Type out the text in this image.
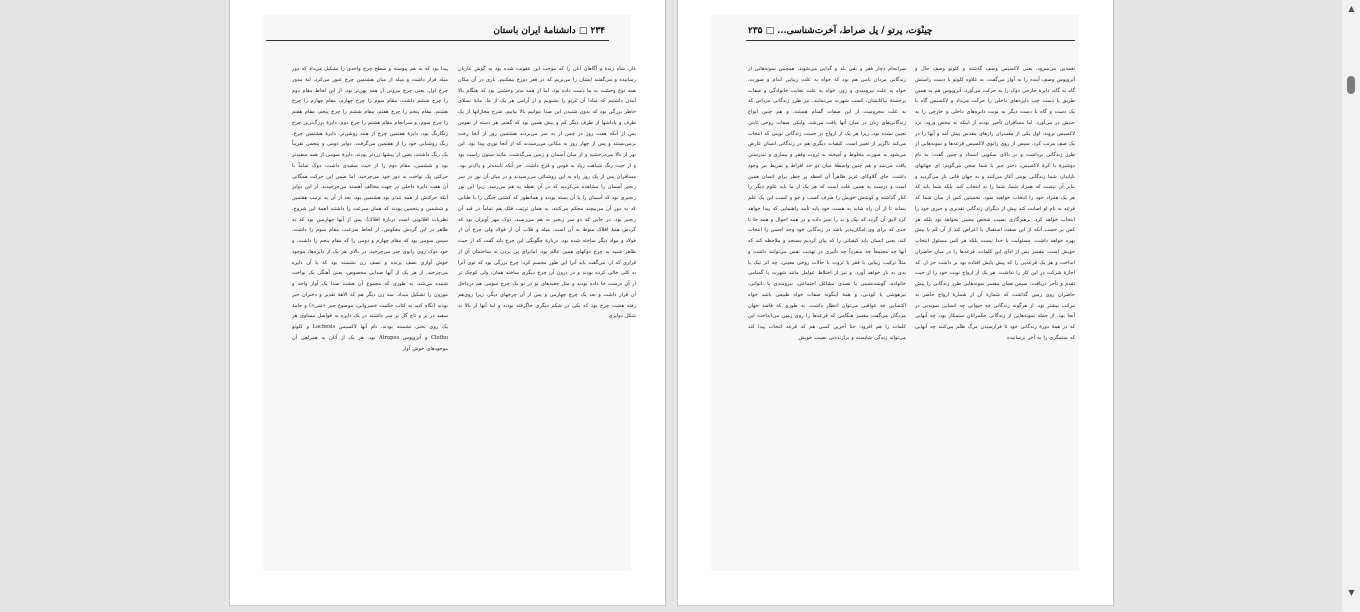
۲۳۴ □ دانشنامهٔ ایران باستان
غار، شاه زندهٔ و آگاهان آنان را که موجب این عقوبت شده بود به گوش عاریان رسانیده و می‌گفتند ایشان را می‌بریم که در قعر دوزخ بیفکنیم. باری در آن مکان همه نوع وحشت به ما دست داده بود، اما از همه بدتر وحشتی بود که هنگام بالا آمدن داشتیم که مبادا آن غریو را بشنویم و از آرامی هر یک از ما، مایهٔ تسلای خاطر بزرگی بود که بدون شنیدن این صدا بتوانیم بالا بیاییم. شرح مجازاتها از یک طرف و پاداشها از طرف دیگر کم و بیش همین بود که گفتم. هر دسته از نفوس پس از آنکه هفت روز در چمن از به سر می‌بردند هشتمین روز از آنجا رخت برمی‌بستند و پس از چهار روز به مکانی می‌رسیدند که از آنجا نوری پیدا بود. این نور از بالا می‌درخشید و از میان آسمان و زمین می‌گذشت. مانند ستون راست بود و از حیث رنگ شباهت زیاد به قوس و قزح داشت. جز آنکه تابنده‌تر و پاک‌تر بود. مسافران پس از یک روز راه به این روشنائی می‌رسیدند و در میان آن نور در سر زنجیر آسمان را مشاهده می‌کردند که در آن نقطه به هم می‌رسد. زیرا این نور زنجیری بود که آسمان را با آن بسته بودند و همانطور که کشتی جنگی را با طنابی که به دور آن می‌پیچند محکم می‌کنند، به همان ترتیب فلک هم تماماً در قید آن زنجیر بود. در جایی که دو سر زنجیر به هم می‌رسید، دوک مهر آویزان بود که گردش همهٔ افلاک منوط به آن است. میله و قلاب آن از فولاد ولی چرخ آن از فولاد و مواد دیگر ساخته شده بود. دربارهٔ چگونگی این چرخ باید گفت که از حیث ظاهر شبیه به چرخ دوکهای همین عالم بود. امابرای پی بردن به ساختمان آن از قراری که ار. می‌گفت باید آنرا این طور مجسم کرد: چرخ بزرگی بود که توی آنرا به کلی خالی کرده بودند و در درون آن چرخ دیگری ساخته همان، ولی کوچک تر از آن درست جا داده بودند و مثل جعبه‌های تو در تو یک چرخ سومی هم درداخل آن قرار داشت و بعد یک چرخ چهارمی و پس از آن چرخهای دیگر، زیرا روی‌هم رفته هشت چرخ بود که یکی در شکم دیگری جاگرفته بودند و لبهٔ آنها از بالا به شکل دوایری
پیدا بود که به هم پیوسته و سطح چرخ واحدی را تشکیل می‌داد که دور میله قرار داشت و میله از میان هشتمین چرخ عبور می‌کرد. لبهٔ مدور چرخ اول، یعنی چرخ بیرونی از همه پهن‌تر بود. از این لحاظ مقام دوم را چرخ ششم داشت، مقام سوم را چرخ چهارم، مقام چهارم را چرخ هشتم، مقام پنجم را چرخ هفتم، مقام ششم را چرخ پنجم، مقام هفتم را چرخ سوم، و سرانجام مقام هشتم را چرخ دوم. دایرهٔ بزرگ‌ترین چرخ رنگارنگ بود، دایرهٔ هفتمین چرخ از همه روشن‌تر، دایرهٔ هشتمین چرخ، رنگ روشنایی خود را از هفتمین می‌گرفت. دوایر دومی و پنجمی تقریباً یک رنگ داشتند، یعنی از پیشها زردتر بودند. دایرهٔ سومی از همه سفیدتر بود و ششمین، مقام دوم را از حیث سفیدی داشت. دوک تماماً با حرکتی یک نواخت به دور خود می‌چرخید، اما ضمن این حرکت همگانی آن هفت دایرهٔ داخلی در جهت مخالف آهسته می‌چرخیدند. از این دوایر آنکه حرکتش از همه تندتر بود هشتمین بود، بعد از آن به ترتیب هفتمین و ششمین و پنجمین بودند که همان سرعت را داشتند (همهٔ این شروح، نظریات افلاتونی است دربارهٔ افلاک). پس از آنها چهارمین بود که به ظاهر در این گردش معکوس، از لحاظ سرعت، مقام سوم را داشت. سپس سومی بود که مقام چهارم و دومی را که مقام پنجم را داشت. و خود دوک روی زانوی جبر می‌چرخید. در بالای هر یک از دایره‌ها، موجود خوش آوازی نصف پرنده و نصف زن نشسته بود که با آن دایره می‌چرخید. از هر یک از آنها صدایی مخصوص، یعنی آهنگی یک نواخت شنیده می‌شد، به طوری که مجموع آن هشت صدا یک آواز واحد و موزون را تشکیل میداد. سه زن دیگر هم که الاههٔ تقدیر و دختران جبر بودند (نگاه کنید به کتاب حکمت خسروانی، موضوع جبر «مَنی») و جامهٔ سفید در بر و تاج گل بر سر داشتند در یک دایره به فواصل مساوی هر یک روی تختی نشسته بودند. نام آنها لاکسیس Lachesis و کلوتو Clotho و آتروپوس Atropos بود. هر یک از آنان به همراهی آن موجودهای خوش آواز
چینْوَت، پرتو / پل صراط، آخرت‌شناسی... □ ۲۳۵
نغمه‌یی می‌سرود، یعنی لاکسیس وصف گذشته و کلوتو وصف حال و آتروپوس وصف آینده را به آواز می‌گفت. به علاوه کلوتو با دست راستش گاه به گاه، دایرهٔ خارجی دوک را به حرکت می‌آورد. آتروپوس هم به همین طریق با دست چپ دایره‌های داخلی را حرکت می‌داد و لاکسیس گاه با یک دست و گاه با دست دیگر به نوبت دایره‌های داخلی و خارجی را به جنبش در می‌آورد. اما مسافران تأخیر بودند از اینکه به محض ورود، نزد لاکسیس بروند. اول یکی از مفسران رازهای مقدس پیش آمد و آنها را در یک صف مرتب کرد. سپس از روی زانوی لاکسیس قرعه‌ها و نمونه‌هایی از طرز زندگانی برداشت و بر بالای سکویی ایستاد و چنین گفت: به نام دوشیزهٔ با کرهٔ لاکسیس، دختر جبر با شما سخن می‌گویم: ای جهانهای ناپایدار، شما زندگانی نوینی آغاز می‌کنید و به جهان فانی باز می‌گردید و بنابر آن نیست که همزاد شما، شما را به انتخاب کند، بلکه شما باید که هر یک همزاد خود را انتخاب خواهید نمود. نخستین کس از میان شما که قرعه به نام او اصابت کند پیش از دیگران زندگانی تقدیری و جبری خود را انتخاب خواهد کرد. پرهیزگاری نصیب شخص معینی نخواهد بود بلکه هر کس بر حسب آنکه از این صفت استقبال یا اعراض کند از آن کم یا بیش بهره خواهد داشت. مسئولیت با خدا نیست بلکه هر کس مسئول انتخاب خویش است. مفسر پس از ادای این کلمات، قرعه‌ها را در میان حاضران انداخت و هر یک قرعه‌یی را که پیش پایش افتاده بود بر داشت جز ار. که اجازهٔ شرکت در این کار را نداشت. هر یک از ارواح نوبت خود را از حیث تقدم و تأخر دریافت. سپس همان مفسر نمونه‌هایی طرز زندگانی را پیش حاضران روی زمین گذاشت که شمارهٔ آن از شمارهٔ ارواح حاضر به مراتب بیشتر بود. از هرگونه زندگانی چه حیوانی چه انسانی نمونه‌یی در آنجا بود. از جمله نمونه‌هایی از زندگانی حکمرانانِ ستمکار بود، چه آنهایی که در همهٔ دورهٔ زندگانی خود تا فرارسیدن مرگ ظلم می‌کنند چه آنهایی که ستمگری را به آخر نرسانیده
سرانجام دچار فقر و نفی بلد و گدایی می‌شوند. همچنین نمونه‌هایی از زندگانی مردان نامی هم بود که خواه به علت زیبایی اندام و صورت، خواه به علت نیرومندی و زور، خواه به علت نجابت خانوادگی و صفات برجستهٔ نیاکانشان، کسب شهرت می‌نمایند. نیز طرز زندگانی مردانی که به علت محرومیت از این صفات گمنام هستند، و هم چنین انواع زندگانی‌های زنان در میان آنها یافت می‌شد، ولیکن صفات روحی ثابتی تعیین نشده بود، زیرا هر یک از ارواح بر حسب زندگانی نوینی که انتخاب می‌کند ناگزیر از تغییر است. کیفیات دیگری هم در زندگانی انسان عارض می‌شود به صورت مخلوط و آمیخته به ثروت وفقر و بیماری و تندرستی یافت می‌شد و هم چنین واسطهٔ میان دو حد افراط و تفریط نیز وجود داشت. جای گلاوکای عزیز ظاهراً آن لحظه پر خطر برای انسان همین است و درست به همین علت است که هر یک از ما باید علوم دیگر را کنار گذاشته و کوشش خویش را صرف کسب و جو و کسب این یک علم بنماید تا از آن راه شاید به هست خود پایه تأیید راهنمایی که پیدا خواهد کرد لایق آن گردد که نیک و بد را تمیز داده و در همه احوال و همه جا تا حدی که برای وی امکان‌پذیر باشد در زندگانی خود وجه احسن را انتخاب کند، یعنی انسان باید کیفیاتی را که بیان کردیم بسنجد و ملاحظه کند که آنها چه مجتمعاً چه منفرداً چه تأثیری در تهذیب نفس می‌توانند داشت و مثلاً ترکیب زیبایی با فقر یا ثروت با حالات روحی معینی، چه اثر نیک یا بدی به بار خواهد آورد. و نیز از اختلاط عوامل مانند شهرت یا گمنامی خانواده، گوشه‌نشینی یا تصدی مشاغل اجتماعی، نیرومندی یا ناتوانی، تیزهوشی یا کودنی، و همهٔ اینگونه صفات خواه طبیعی باشد خواه اکتسابی چه عواقبی می‌توان انتظار داشت. به طوری که فاصد جهان مردگان می‌گفت مفسر هنگامی که قرعه‌ها را روی زمین می‌انداخت این کلمات را هم افزود: حتا آخرین کسی هم که قرعه انتخاب پیدا کند می‌تواند زندگی شایسته و برازنده‌یی نصیب خویش
▲
▼
